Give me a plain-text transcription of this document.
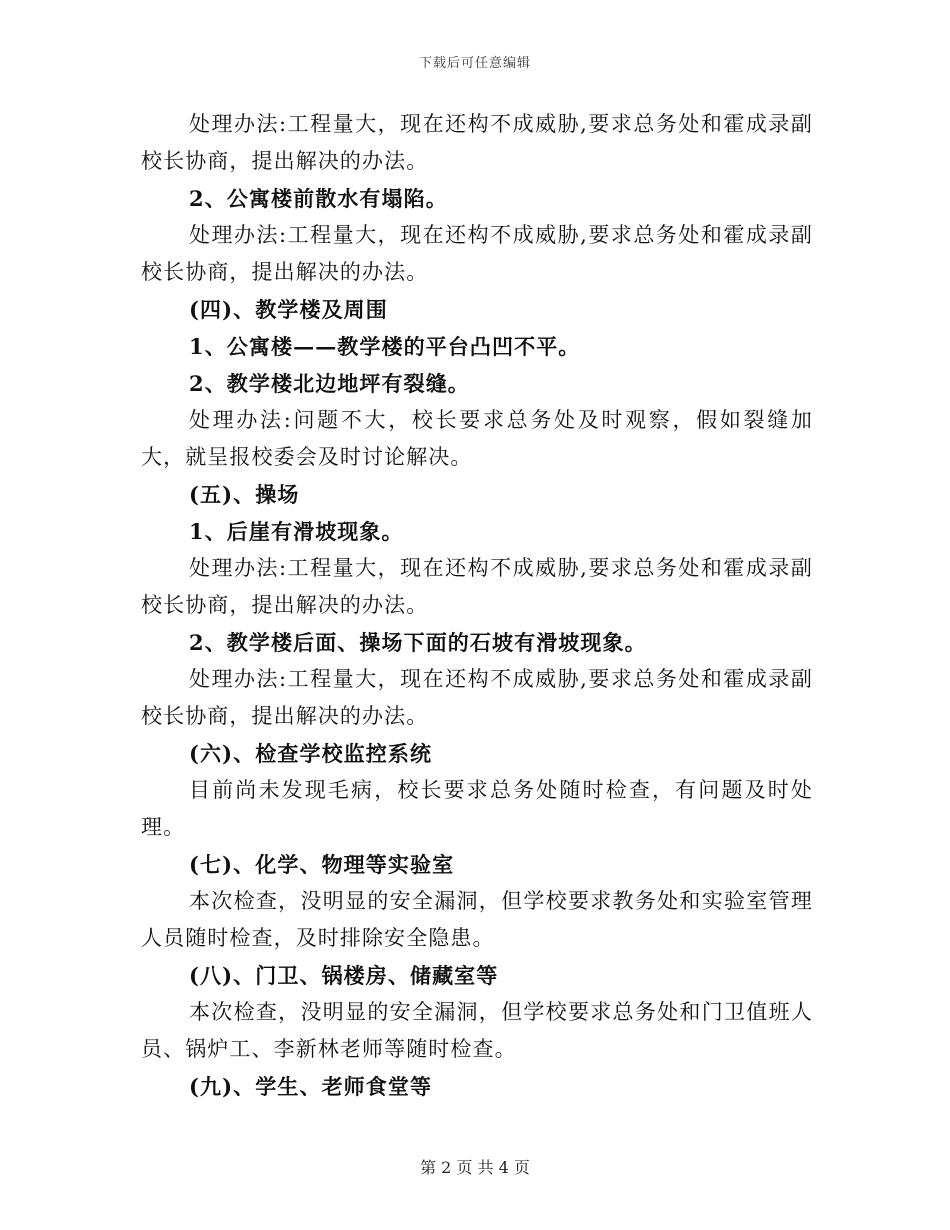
下载后可任意编辑

处理办法:工程量大，现在还构不成威胁,要求总务处和霍成录副校长协商，提出解决的办法。

2、公寓楼前散水有塌陷。

处理办法:工程量大，现在还构不成威胁,要求总务处和霍成录副校长协商，提出解决的办法。

(四)、教学楼及周围

1、公寓楼——教学楼的平台凸凹不平。

2、教学楼北边地坪有裂缝。

处理办法:问题不大，校长要求总务处及时观察，假如裂缝加大，就呈报校委会及时讨论解决。

(五)、操场

1、后崖有滑坡现象。

处理办法:工程量大，现在还构不成威胁,要求总务处和霍成录副校长协商，提出解决的办法。

2、教学楼后面、操场下面的石坡有滑坡现象。

处理办法:工程量大，现在还构不成威胁,要求总务处和霍成录副校长协商，提出解决的办法。

(六)、检查学校监控系统

目前尚未发现毛病，校长要求总务处随时检查，有问题及时处理。

(七)、化学、物理等实验室

本次检查，没明显的安全漏洞，但学校要求教务处和实验室管理人员随时检查，及时排除安全隐患。

(八)、门卫、锅楼房、储藏室等

本次检查，没明显的安全漏洞，但学校要求总务处和门卫值班人员、锅炉工、李新林老师等随时检查。

(九)、学生、老师食堂等

第 2 页 共 4 页
